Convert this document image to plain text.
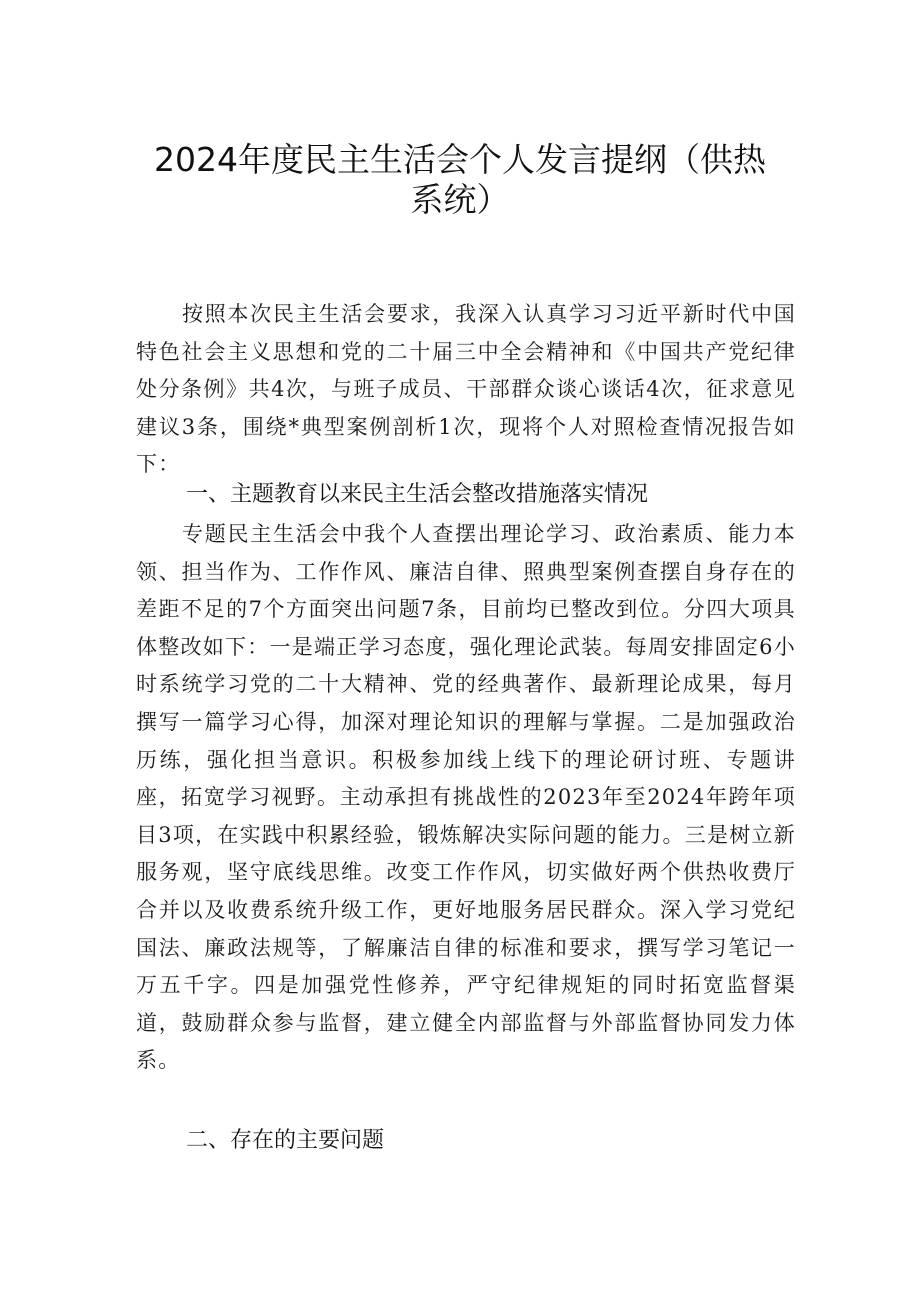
2024年度民主生活会个人发言提纲（供热
系统）

按照本次民主生活会要求，我深入认真学习习近平新时代中国特色社会主义思想和党的二十届三中全会精神和《中国共产党纪律处分条例》共4次，与班子成员、干部群众谈心谈话4次，征求意见建议3条，围绕*典型案例剖析1次，现将个人对照检查情况报告如下：

一、主题教育以来民主生活会整改措施落实情况

专题民主生活会中我个人查摆出理论学习、政治素质、能力本领、担当作为、工作作风、廉洁自律、照典型案例查摆自身存在的差距不足的7个方面突出问题7条，目前均已整改到位。分四大项具体整改如下：一是端正学习态度，强化理论武装。每周安排固定6小时系统学习党的二十大精神、党的经典著作、最新理论成果，每月撰写一篇学习心得，加深对理论知识的理解与掌握。二是加强政治历练，强化担当意识。积极参加线上线下的理论研讨班、专题讲座，拓宽学习视野。主动承担有挑战性的2023年至2024年跨年项目3项，在实践中积累经验，锻炼解决实际问题的能力。三是树立新服务观，坚守底线思维。改变工作作风，切实做好两个供热收费厅合并以及收费系统升级工作，更好地服务居民群众。深入学习党纪国法、廉政法规等，了解廉洁自律的标准和要求，撰写学习笔记一万五千字。四是加强党性修养，严守纪律规矩的同时拓宽监督渠道，鼓励群众参与监督，建立健全内部监督与外部监督协同发力体系。

二、存在的主要问题
